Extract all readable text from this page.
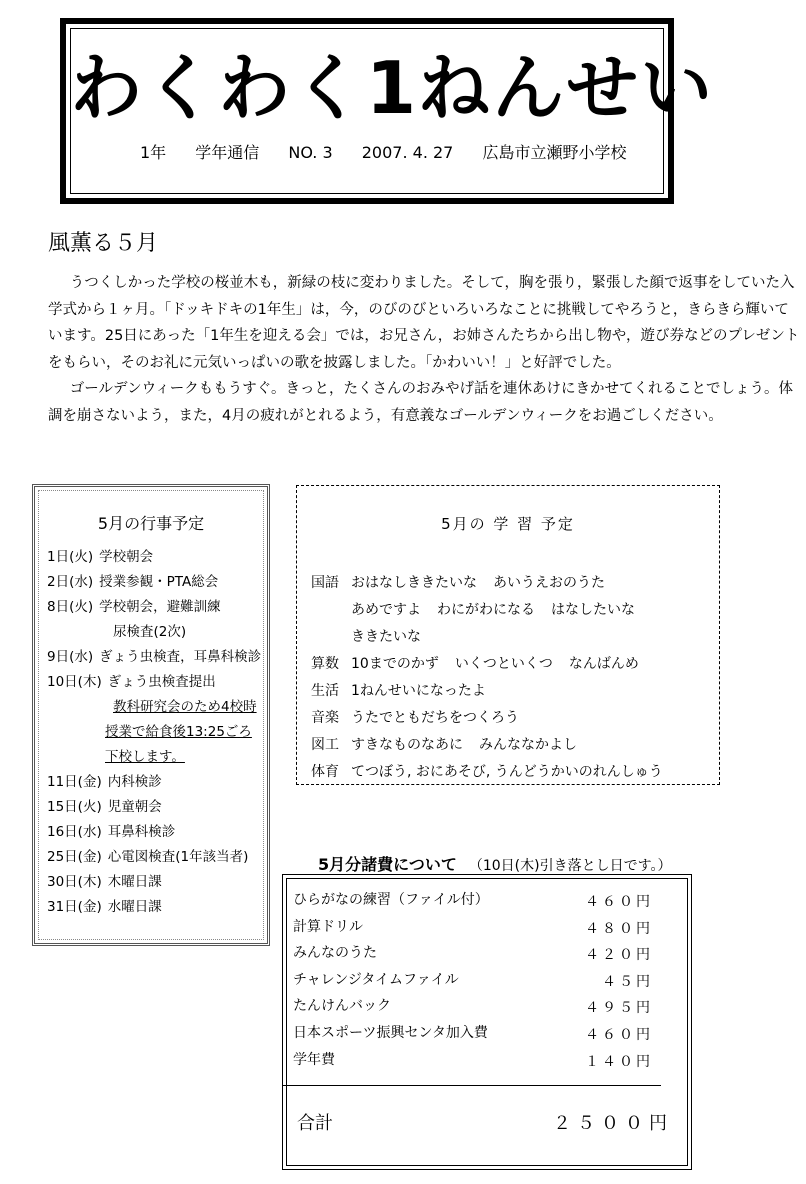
わくわく1ねんせい
1年 学年通信 NO. 3 2007. 4. 27 広島市立瀬野小学校
風薫る５月

うつくしかった学校の桜並木も，新緑の枝に変わりました。そして，胸を張り，緊張した顔で返事をしていた入学式から１ヶ月。「ドッキドキの1年生」は，今，のびのびといろいろなことに挑戦してやろうと，きらきら輝いています。25日にあった「1年生を迎える会」では，お兄さん，お姉さんたちから出し物や，遊び券などのプレゼントをもらい，そのお礼に元気いっぱいの歌を披露しました。「かわいい！」と好評でした。

ゴールデンウィークももうすぐ。きっと，たくさんのおみやげ話を連休あけにきかせてくれることでしょう。体調を崩さないよう，また，4月の疲れがとれるよう，有意義なゴールデンウィークをお過ごしください。

5月の行事予定
1日(火) 学校朝会
2日(水) 授業参観・PTA総会
8日(火) 学校朝会，避難訓練
尿検査(2次)
9日(水) ぎょう虫検査，耳鼻科検診
10日(木) ぎょう虫検査提出
教科研究会のため4校時
授業で給食後13:25ごろ
下校します。
11日(金) 内科検診
15日(火) 児童朝会
16日(水) 耳鼻科検診
25日(金) 心電図検査(1年該当者)
30日(木) 木曜日課
31日(金) 水曜日課
5月の 学 習 予定
国語 おはなしききたいな あいうえおのうた
あめですよ わにがわになる はなしたいな
ききたいな
算数 10までのかず いくつといくつ なんばんめ
生活 1ねんせいになったよ
音楽 うたでともだちをつくろう
図工 すきなものなあに みんななかよし
体育 てつぼう, おにあそび, うんどうかいのれんしゅう
5月分諸費について （10日(木)引き落とし日です。）
ひらがなの練習（ファイル付）	４６０円
計算ドリル	４８０円
みんなのうた	４２０円
チャレンジタイムファイル	４５円
たんけんバック	４９５円
日本スポーツ振興センタ加入費	４６０円
学年費	１４０円
合計	２５００円
